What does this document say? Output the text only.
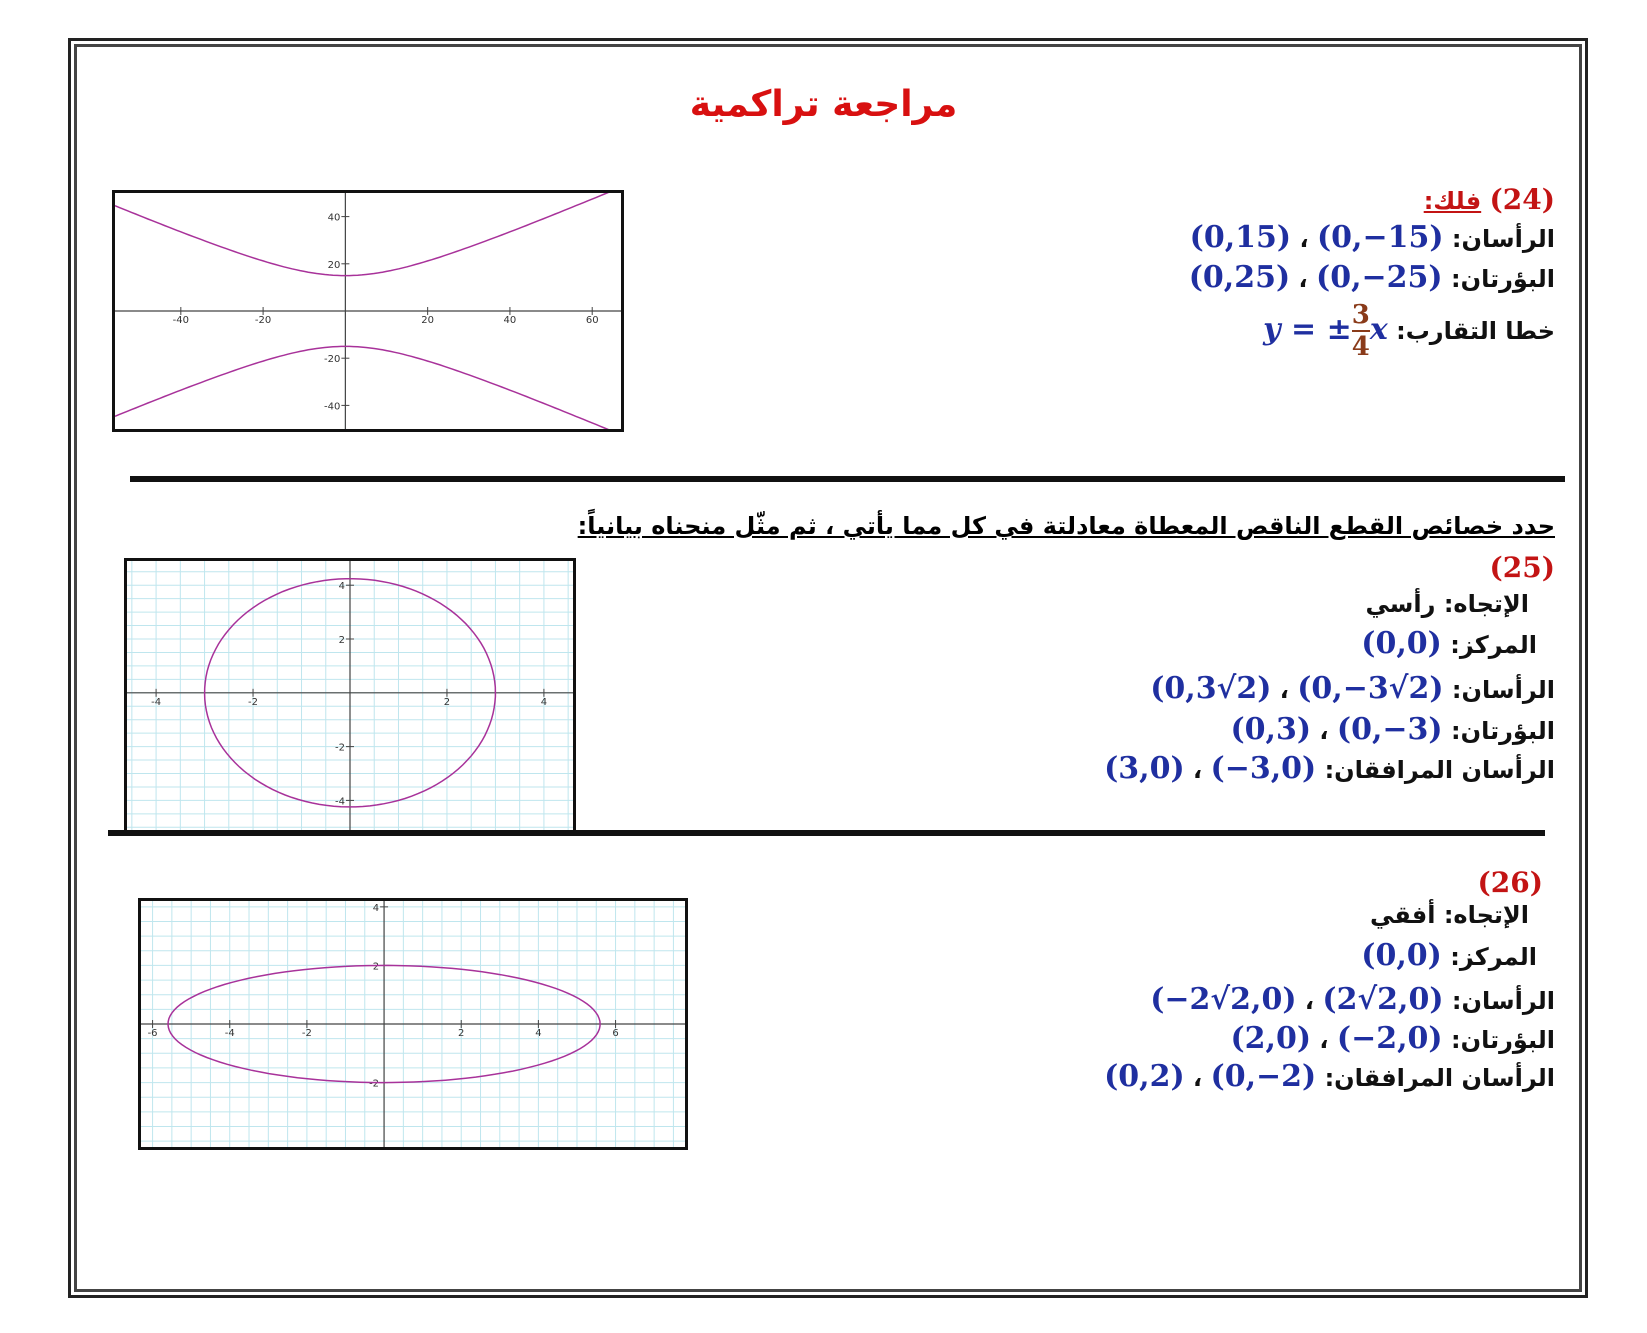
مراجعة تراكمية
(24) فلك:
الرأسان: (0,−15) ، (0,15)
البؤرتان: (0,−25) ، (0,25)
خطا التقارب: y = ± $\frac{3}{4}$ x
-40	-20	20	40	60
40
20
-20
-40
حدد خصائص القطع الناقص المعطاة معادلتة في كل مما يأتي ، ثم مثّل منحناه بيانياً:
(25)
الإتجاه: رأسي
المركز: (0,0)
الرأسان: (0,−3√2) ، (0,3√2)
البؤرتان: (0,−3) ، (0,3)
الرأسان المرافقان: (−3,0) ، (3,0)
-4	-2	2	4
4
2
-2
-4
(26)
الإتجاه: أفقي
المركز: (0,0)
الرأسان: (2√2,0) ، (−2√2,0)
البؤرتان: (−2,0) ، (2,0)
الرأسان المرافقان: (0,−2) ، (0,2)
-6	-4	-2	2	4	6
4
2
-2
